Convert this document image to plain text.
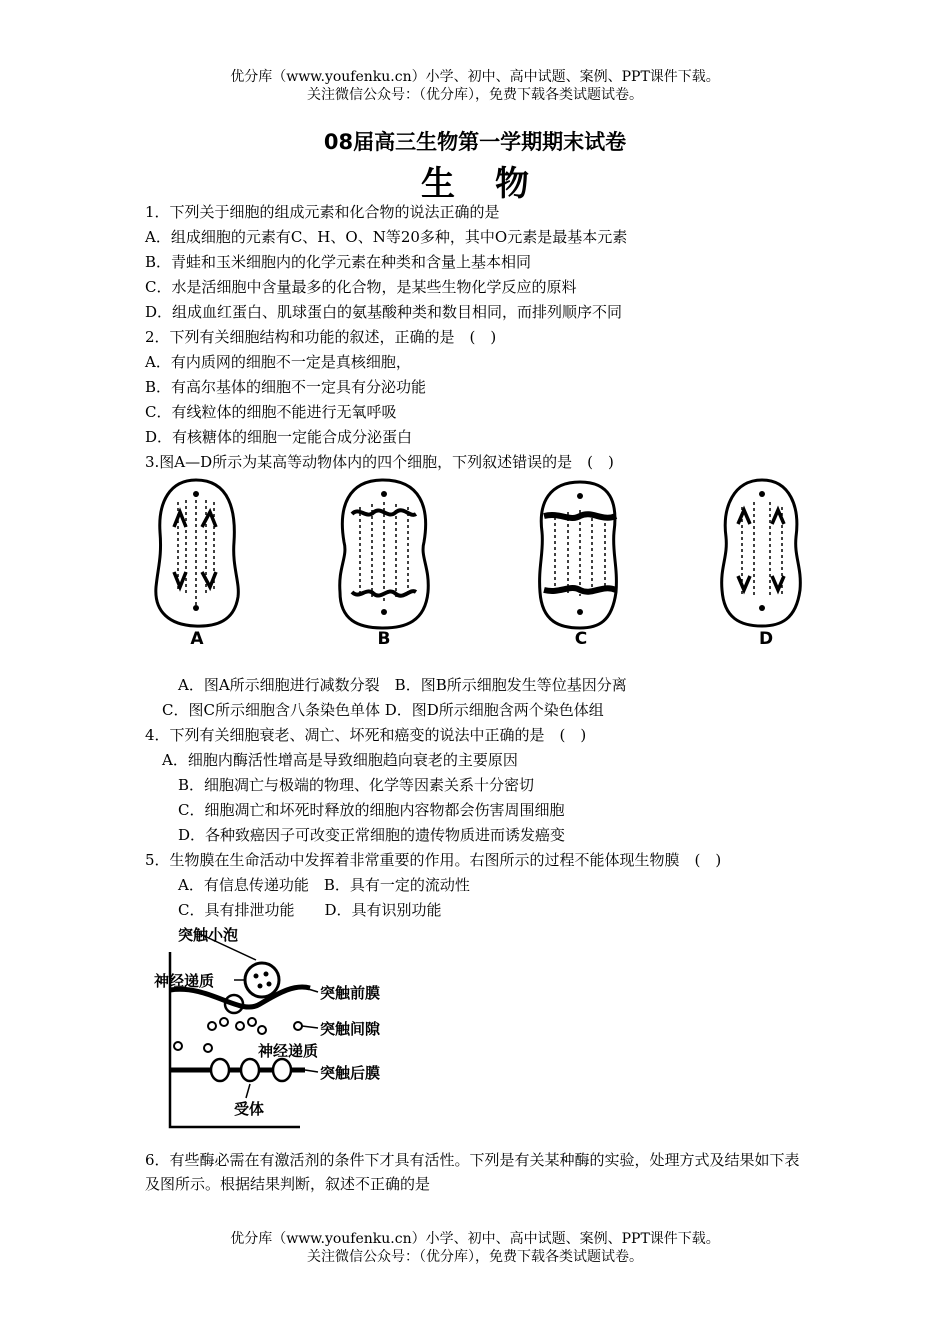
优分库（www.youfenku.cn）小学、初中、高中试题、案例、PPT课件下载。
关注微信公众号：（优分库），免费下载各类试题试卷。
08届高三生物第一学期期末试卷
生物
1．下列关于细胞的组成元素和化合物的说法正确的是
A．组成细胞的元素有C、H、O、N等20多种，其中O元素是最基本元素
B．青蛙和玉米细胞内的化学元素在种类和含量上基本相同
C．水是活细胞中含量最多的化合物，是某些生物化学反应的原料
D．组成血红蛋白、肌球蛋白的氨基酸种类和数目相同，而排列顺序不同
2．下列有关细胞结构和功能的叙述，正确的是　(　)
A．有内质网的细胞不一定是真核细胞，
B．有高尔基体的细胞不一定具有分泌功能
C．有线粒体的细胞不能进行无氧呼吸
D．有核糖体的细胞一定能合成分泌蛋白
3.图A—D所示为某高等动物体内的四个细胞，下列叙述错误的是　(　)
A	B	C	D
A．图A所示细胞进行减数分裂　B．图B所示细胞发生等位基因分离
C．图C所示细胞含八条染色单体 D．图D所示细胞含两个染色体组
4．下列有关细胞衰老、凋亡、坏死和癌变的说法中正确的是　(　)
A．细胞内酶活性增高是导致细胞趋向衰老的主要原因
B．细胞凋亡与极端的物理、化学等因素关系十分密切
C．细胞凋亡和坏死时释放的细胞内容物都会伤害周围细胞
D．各种致癌因子可改变正常细胞的遗传物质进而诱发癌变
5．生物膜在生命活动中发挥着非常重要的作用。右图所示的过程不能体现生物膜　(　)
A．有信息传递功能　B．具有一定的流动性
C．具有排泄功能　　D．具有识别功能
突触小泡
神经递质
突触前膜
突触间隙
神经递质
突触后膜
受体
6．有些酶必需在有激活剂的条件下才具有活性。下列是有关某种酶的实验，处理方式及结果如下表及图所示。根据结果判断，叙述不正确的是
优分库（www.youfenku.cn）小学、初中、高中试题、案例、PPT课件下载。
关注微信公众号：（优分库），免费下载各类试题试卷。
